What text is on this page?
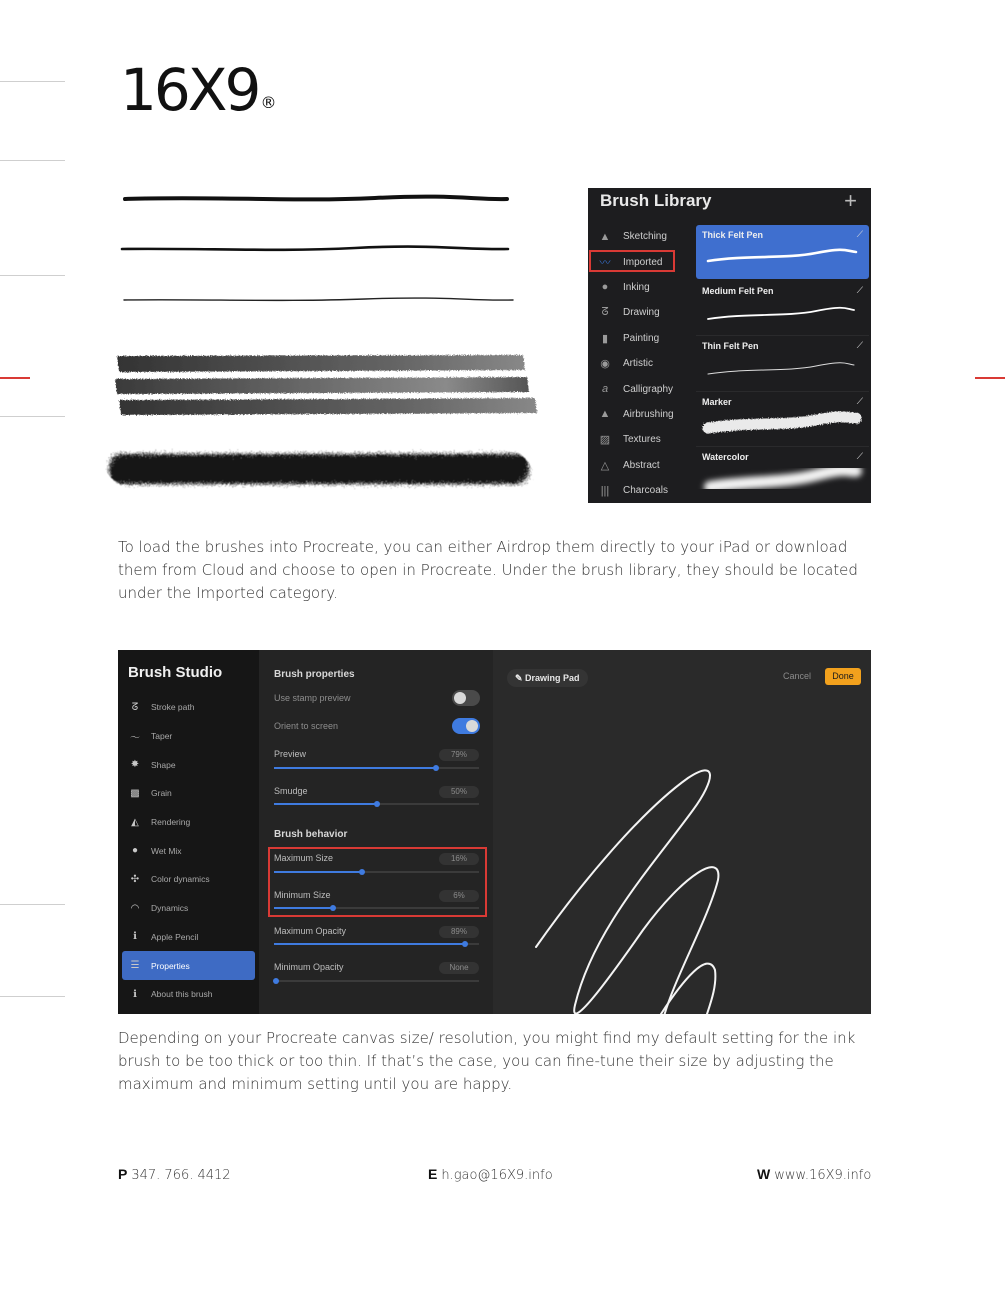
16X9 ®
Brush Library	+
▲ Sketching
〰 Imported
●	Inking
ᘔ	Drawing
▮	Painting
◉ Artistic
a	Calligraphy
▲ Airbrushing
▨ Textures
△ Abstract
||| Charcoals
Thick Felt Pen	⟋
Medium Felt Pen	⟋
Thin Felt Pen	⟋
Marker	⟋
Watercolor	⟋
To load the brushes into Procreate, you can either Airdrop them directly to your iPad or download them from Cloud and choose to open in Procreate. Under the brush library, they should be located under the Imported category.
Brush Studio
ᘔ	Stroke path
〜 Taper
✸	Shape
▩ Grain
◭	Rendering
●	Wet Mix
✣	Color dynamics
◠	Dynamics
ℹ	Apple Pencil
☰ Properties
ℹ	About this brush
Brush properties
Use stamp preview
Orient to screen
Preview	79%
Smudge	50%
Brush behavior
Maximum Size	16%
Minimum Size	6%
Maximum Opacity	89%
Minimum Opacity	None
✎ Drawing Pad	Cancel	Done
Depending on your Procreate canvas size/ resolution, you might find my default setting for the ink brush to be too thick or too thin. If that’s the case, you can fine-tune their size by adjusting the maximum and minimum setting until you are happy.
P 347. 766. 4412	E h.gao@16X9.info	W www.16X9.info
